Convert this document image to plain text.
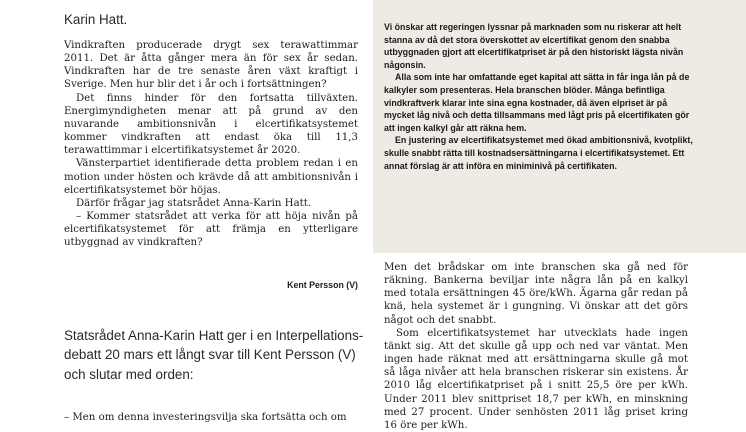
Karin Hatt.

Vindkraften producerade drygt sex terawattimmar 2011. Det är åtta gånger mera än för sex år sedan. Vindkraften har de tre senaste åren växt kraftigt i Sverige. Men hur blir det i år och i fortsättningen?

Det finns hinder för den fortsatta tillväxten. Energimyndigheten menar att på grund av den nuvarande ambitionsnivån i elcertifikatsystemet kommer vindkraften att endast öka till 11,3 terawattimmar i elcertifikatsystemet år 2020.

Vänsterpartiet identifierade detta problem redan i en motion under hösten och krävde då att ambitionsnivån i elcertifikatsystemet bör höjas.

Därför frågar jag statsrådet Anna-Karin Hatt.

– Kommer statsrådet att verka för att höja nivån på elcertifikatsystemet för att främja en ytterligare utbyggnad av vindkraften?

Kent Persson (V)
Statsrådet Anna-Karin Hatt ger i en Interpellations-
debatt 20 mars ett långt svar till Kent Persson (V)
och slutar med orden:
– Men om denna investeringsvilja ska fortsätta och om

Vi önskar att regeringen lyssnar på marknaden som nu riskerar att helt stanna av då det stora överskottet av elcertifikat genom den snabba utbyggnaden gjort att elcertifikatpriset är på den historiskt lägsta nivån någonsin.

Alla som inte har omfattande eget kapital att sätta in får inga lån på de kalkyler som presenteras. Hela branschen blöder. Många befintliga vindkraftverk klarar inte sina egna kostnader, då även elpriset är på mycket låg nivå och detta tillsammans med lågt pris på elcertifikaten gör att ingen kalkyl går att räkna hem.

En justering av elcertifikatsystemet med ökad ambitionsnivå, kvotplikt, skulle snabbt rätta till kostnadsersättningarna i elcertifikatsystemet. Ett annat förslag är att införa en miniminivå på certifikaten.

Men det brådskar om inte branschen ska gå ned för räkning. Bankerna beviljar inte några lån på en kalkyl med totala ersättningen 45 öre/kWh. Ägarna går redan på knä, hela systemet är i gungning. Vi önskar att det görs något och det snabbt.

Som elcertifikatsystemet har utvecklats hade ingen tänkt sig. Att det skulle gå upp och ned var väntat. Men ingen hade räknat med att ersättningarna skulle gå mot så låga nivåer att hela branschen riskerar sin existens. År 2010 låg elcertifikatpriset på i snitt 25,5 öre per kWh. Under 2011 blev snittpriset 18,7 per kWh, en minskning med 27 procent. Under senhösten 2011 låg priset kring 16 öre per kWh.
